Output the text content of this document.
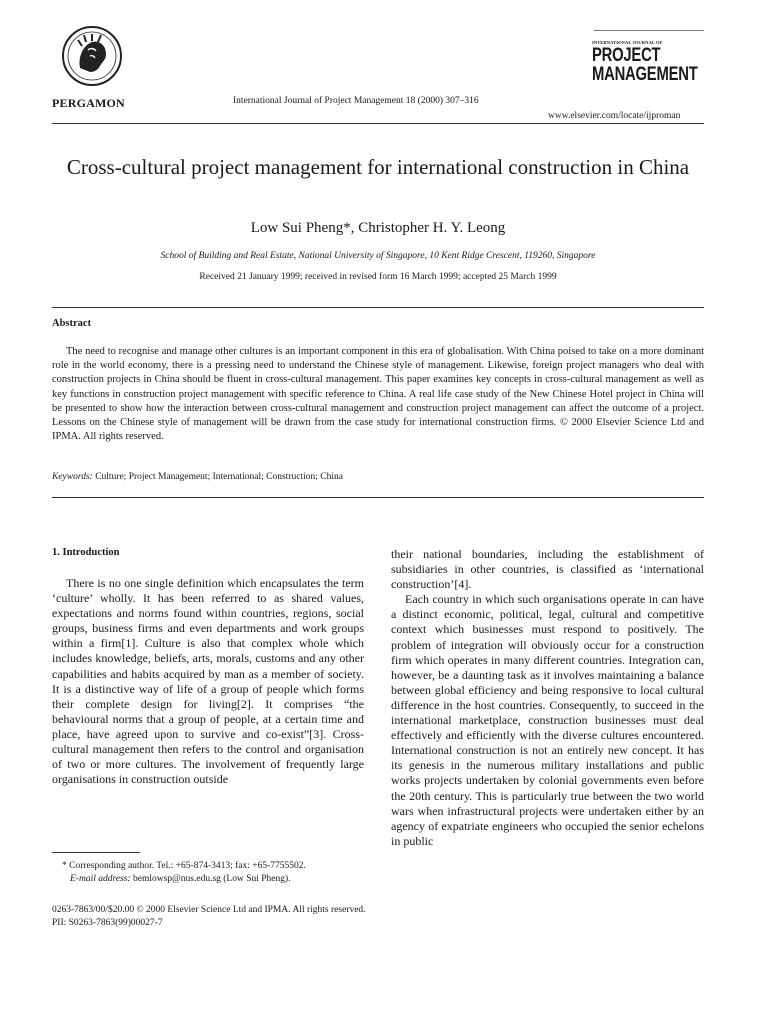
PERGAMON	International Journal of Project Management 18 (2000) 307–316
INTERNATIONAL JOURNAL OF
PROJECT
MANAGEMENT
www.elsevier.com/locate/ijproman
Cross-cultural project management for international construction in China
Low Sui Pheng*, Christopher H. Y. Leong
School of Building and Real Estate, National University of Singapore, 10 Kent Ridge Crescent, 119260, Singapore
Received 21 January 1999; received in revised form 16 March 1999; accepted 25 March 1999
Abstract
The need to recognise and manage other cultures is an important component in this era of globalisation. With China poised to take on a more dominant role in the world economy, there is a pressing need to understand the Chinese style of management. Likewise, foreign project managers who deal with construction projects in China should be fluent in cross-cultural management. This paper examines key concepts in cross-cultural management as well as key functions in construction project management with specific reference to China. A real life case study of the New Chinese Hotel project in China will be presented to show how the interaction between cross-cultural management and construction project management can affect the outcome of a project. Lessons on the Chinese style of management will be drawn from the case study for international construction firms. © 2000 Elsevier Science Ltd and IPMA. All rights reserved.
Keywords: Culture; Project Management; International; Construction; China
1. Introduction

There is no one single definition which encapsulates the term ‘culture’ wholly. It has been referred to as shared values, expectations and norms found within countries, regions, social groups, business firms and even departments and work groups within a firm[1]. Culture is also that complex whole which includes knowledge, beliefs, arts, morals, customs and any other capabilities and habits acquired by man as a member of society. It is a distinctive way of life of a group of people which forms their complete design for living[2]. It comprises “the behavioural norms that a group of people, at a certain time and place, have agreed upon to survive and co-exist”[3]. Cross-cultural management then refers to the control and organisation of two or more cultures. The involvement of frequently large organisations in construction outside

their national boundaries, including the establishment of subsidiaries in other countries, is classified as ‘international construction’[4].

Each country in which such organisations operate in can have a distinct economic, political, legal, cultural and competitive context which businesses must respond to positively. The problem of integration will obviously occur for a construction firm which operates in many different countries. Integration can, however, be a daunting task as it involves maintaining a balance between global efficiency and being responsive to local cultural difference in the host countries. Consequently, to succeed in the international marketplace, construction businesses must deal effectively and efficiently with the diverse cultures encountered. International construction is not an entirely new concept. It has its genesis in the numerous military installations and public works projects undertaken by colonial governments even before the 20th century. This is particularly true between the two world wars when infrastructural projects were undertaken either by an agency of expatriate engineers who occupied the senior echelons in public

* Corresponding author. Tel.: +65-874-3413; fax: +65-7755502.
E-mail address: bemlowsp@nus.edu.sg (Low Sui Pheng).
0263-7863/00/$20.00 © 2000 Elsevier Science Ltd and IPMA. All rights reserved.
PII: S0263-7863(99)00027-7
